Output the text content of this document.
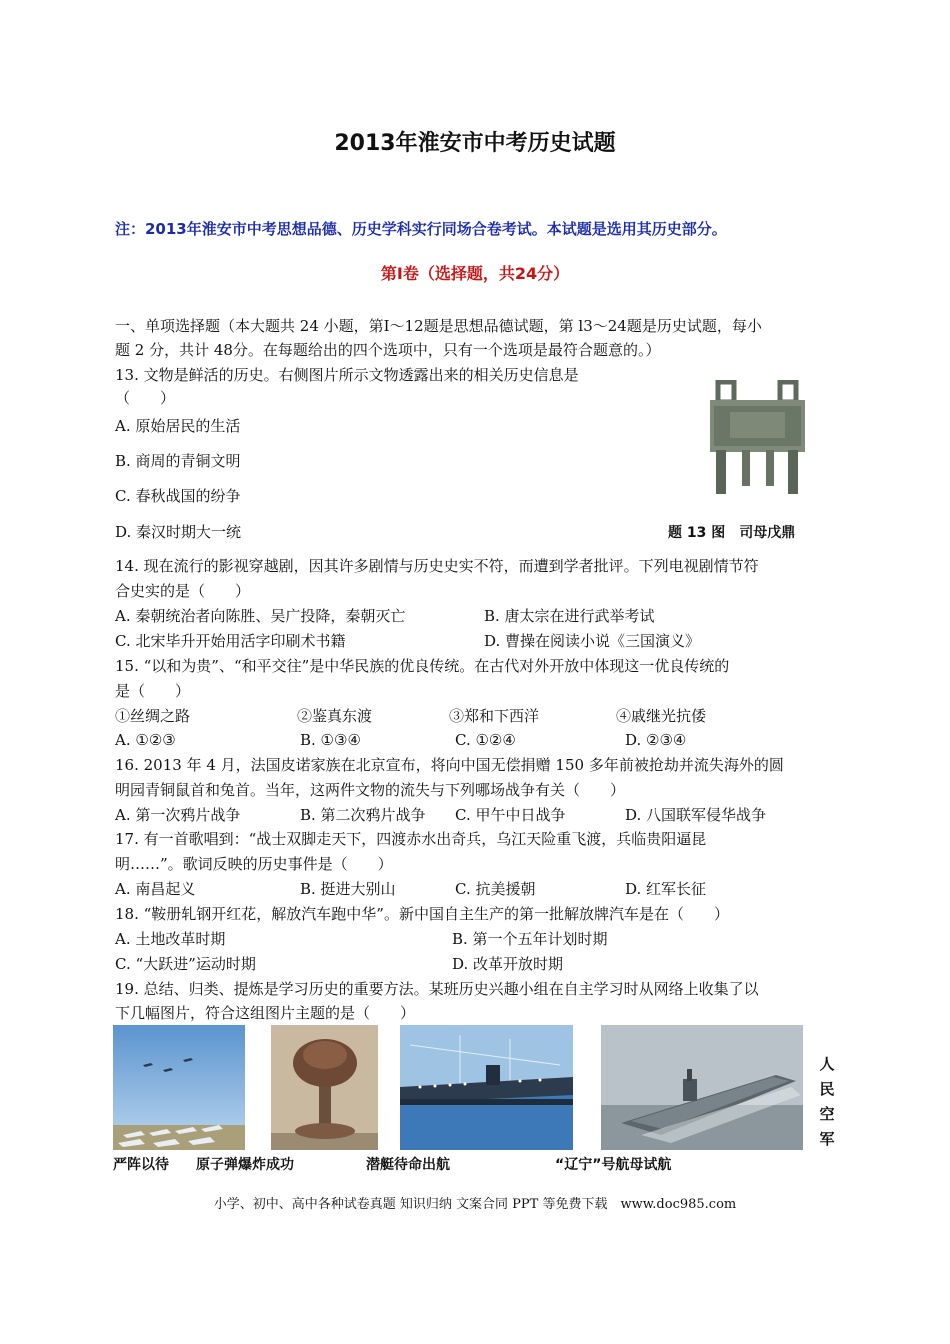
2013年淮安市中考历史试题
注：2013年淮安市中考思想品德、历史学科实行同场合卷考试。本试题是选用其历史部分。
第Ⅰ卷（选择题，共24分）
一、单项选择题（本大题共 24 小题，第Ⅰ～12题是思想品德试题，第 l3～24题是历史试题，每小
题 2 分，共计 48分。在每题给出的四个选项中，只有一个选项是最符合题意的。）
13. 文物是鲜活的历史。右侧图片所示文物透露出来的相关历史信息是
（　　）
A. 原始居民的生活
B. 商周的青铜文明
C. 春秋战国的纷争
D. 秦汉时期大一统	题 13 图　司母戊鼎
14. 现在流行的影视穿越剧，因其许多剧情与历史史实不符，而遭到学者批评。下列电视剧情节符
合史实的是（　　）
A. 秦朝统治者向陈胜、吴广投降，秦朝灭亡	B. 唐太宗在进行武举考试
C. 北宋毕升开始用活字印刷术书籍	D. 曹操在阅读小说《三国演义》
15. “以和为贵”、“和平交往”是中华民族的优良传统。在古代对外开放中体现这一优良传统的
是（　　）
①丝绸之路	②鉴真东渡	③郑和下西洋	④戚继光抗倭
A. ①②③	B. ①③④	C. ①②④	D. ②③④
16. 2013 年 4 月，法国皮诺家族在北京宣布，将向中国无偿捐赠 150 多年前被抢劫并流失海外的圆
明园青铜鼠首和兔首。当年，这两件文物的流失与下列哪场战争有关（　　）
A. 第一次鸦片战争	B. 第二次鸦片战争 C. 甲午中日战争	D. 八国联军侵华战争
17. 有一首歌唱到：“战士双脚走天下，四渡赤水出奇兵，乌江天险重飞渡，兵临贵阳逼昆
明……”。歌词反映的历史事件是（　　）
A. 南昌起义	B. 挺进大别山	C. 抗美援朝	D. 红军长征
18. “鞍册轧钢开红花，解放汽车跑中华”。新中国自主生产的第一批解放牌汽车是在（　　）
A. 土地改革时期	B. 第一个五年计划时期
C. “大跃进”运动时期	D. 改革开放时期
19. 总结、归类、提炼是学习历史的重要方法。某班历史兴趣小组在自主学习时从网络上收集了以
下几幅图片，符合这组图片主题的是（　　）
人民空军
严阵以待 原子弹爆炸成功	潜艇待命出航	“辽宁”号航母试航
小学、初中、高中各种试卷真题 知识归纳 文案合同 PPT 等免费下载　www.doc985.com
